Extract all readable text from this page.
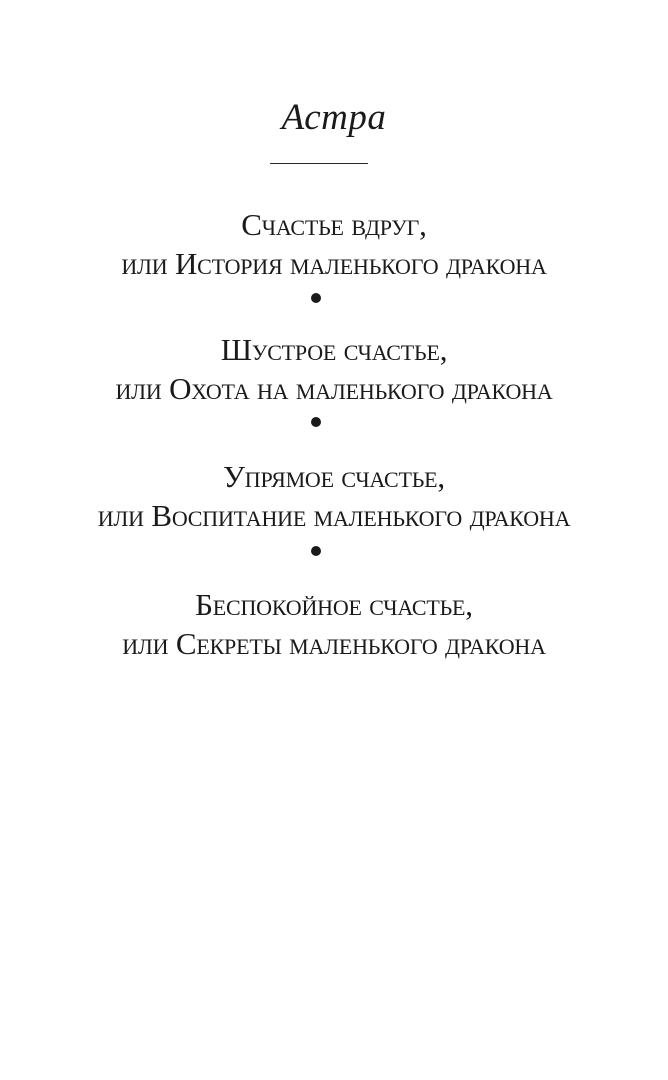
Астра
Счастье вдруг,
или История маленького дракона
Шустрое счастье,
или Охота на маленького дракона
Упрямое счастье,
или Воспитание маленького дракона
Беспокойное счастье,
или Секреты маленького дракона
